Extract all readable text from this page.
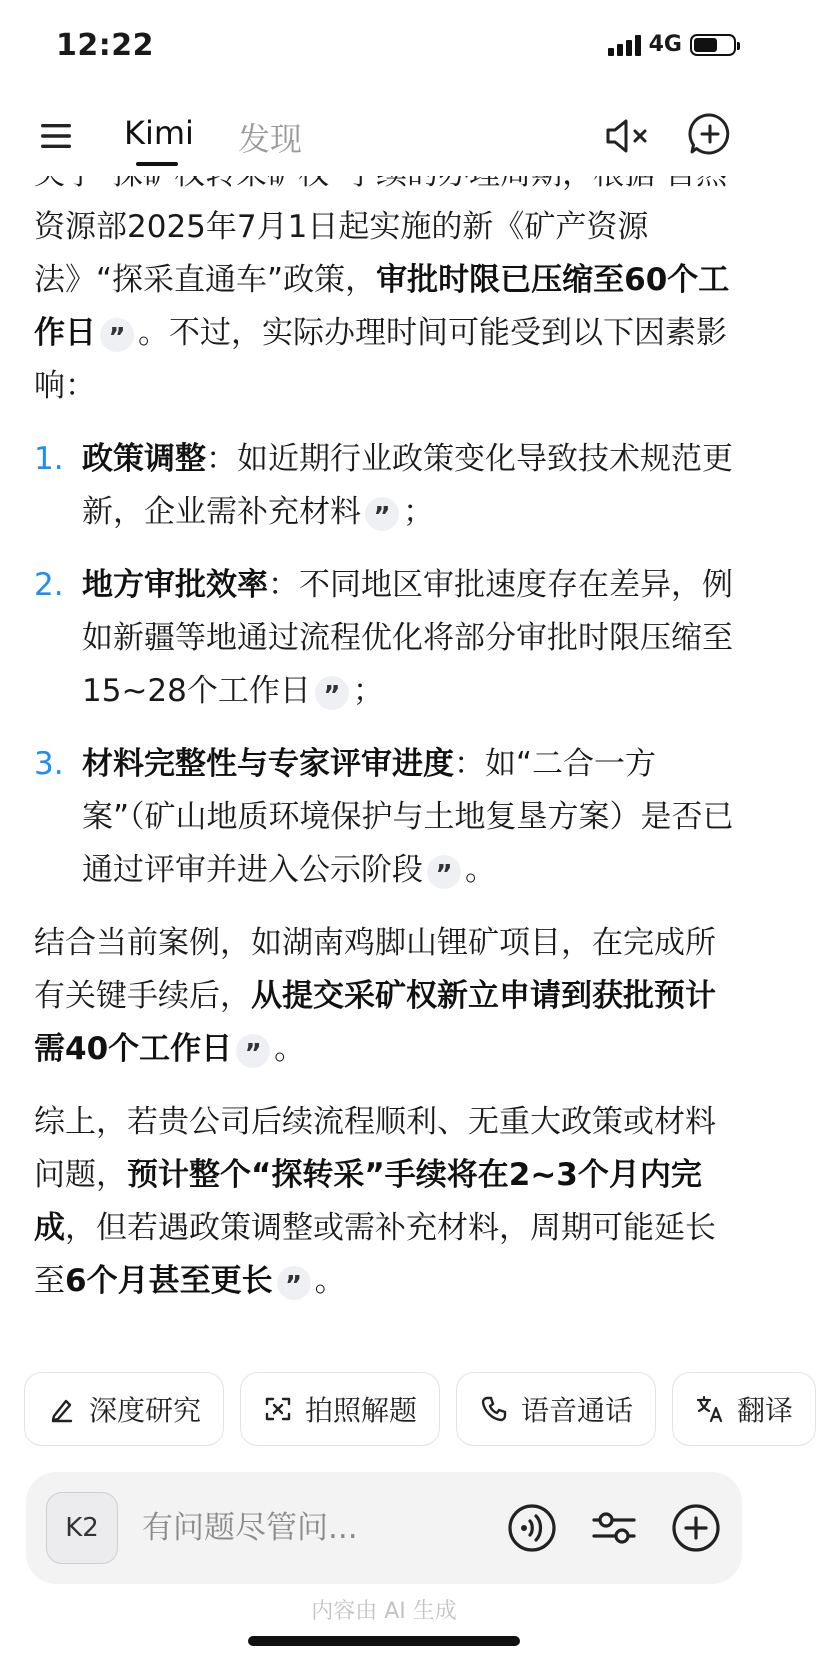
12:22	4G
Kimi 发现
资源部2025年7月1日起实施的新《矿产资源法》“探采直通车”政策，审批时限已压缩至60个工作日 ” 。不过，实际办理时间可能受到以下因素影响：
1. 政策调整：如近期行业政策变化导致技术规范更新，企业需补充材料 ” ；
2. 地方审批效率：不同地区审批速度存在差异，例如新疆等地通过流程优化将部分审批时限压缩至15~28个工作日 ” ；
3. 材料完整性与专家评审进度：如“二合一方案”（矿山地质环境保护与土地复垦方案）是否已通过评审并进入公示阶段 ” 。
结合当前案例，如湖南鸡脚山锂矿项目，在完成所有关键手续后，从提交采矿权新立申请到获批预计需40个工作日 ” 。
综上，若贵公司后续流程顺利、无重大政策或材料问题，预计整个“探转采”手续将在2~3个月内完成，但若遇政策调整或需补充材料，周期可能延长至6个月甚至更长 ” 。
深度研究	拍照解题	语音通话	翻译
K2
有问题尽管问...
内容由 AI 生成
